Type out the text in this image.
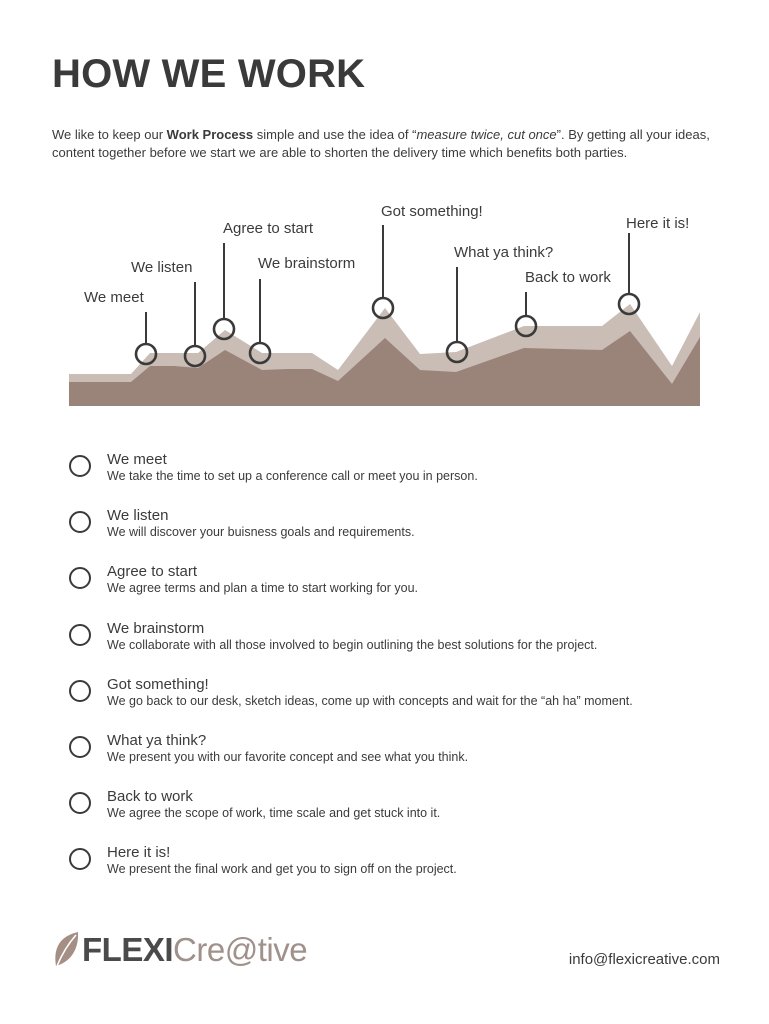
HOW WE WORK

We like to keep our Work Process simple and use the idea of “measure twice, cut once”. By getting all your ideas, content together before we start we are able to shorten the delivery time which benefits both parties.

We meet
We listen
Agree to start
We brainstorm
Got something!
What ya think?
Back to work
Here it is!
We meet
We take the time to set up a conference call or meet you in person.
We listen
We will discover your buisness goals and requirements.
Agree to start
We agree terms and plan a time to start working for you.
We brainstorm
We collaborate with all those involved to begin outlining the best solutions for the project.
Got something!
We go back to our desk, sketch ideas, come up with concepts and wait for the “ah ha” moment.
What ya think?
We present you with our favorite concept and see what you think.
Back to work
We agree the scope of work, time scale and get stuck into it.
Here it is!
We present the final work and get you to sign off on the project.
FLEXI Cre@tive	info@flexicreative.com
